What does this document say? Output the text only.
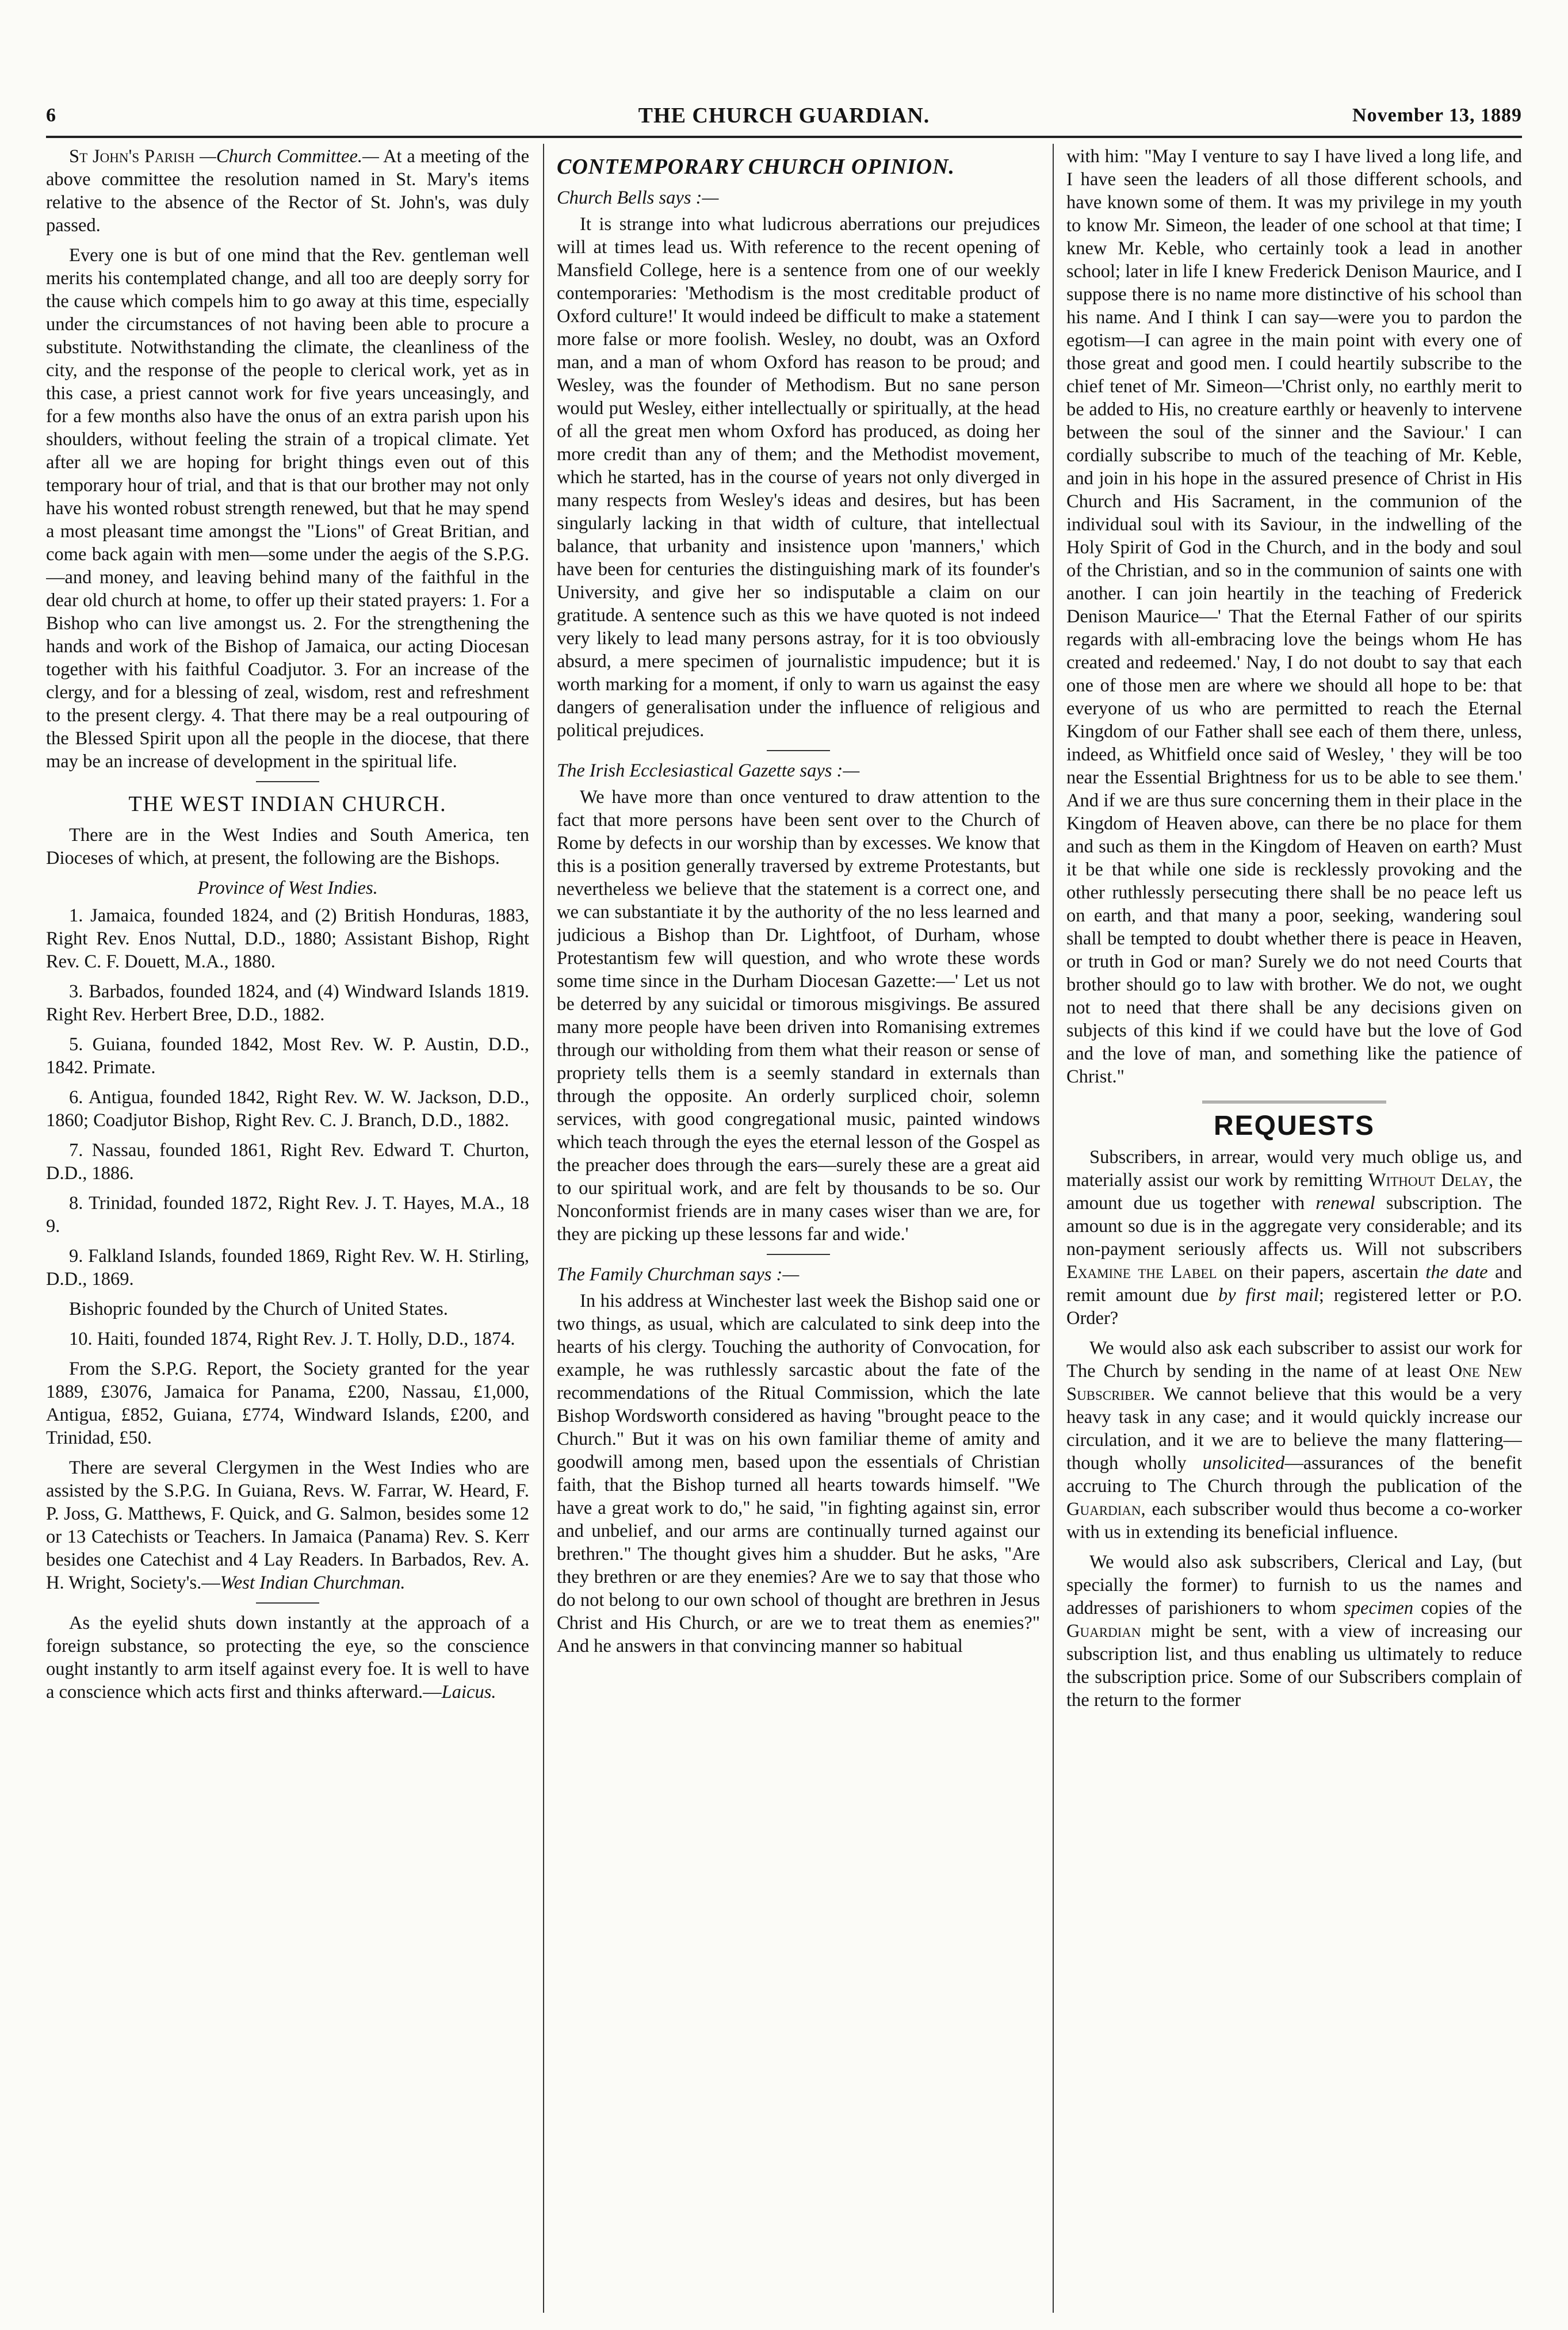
6	THE CHURCH GUARDIAN.	November 13, 1889

St John's Parish —Church Committee.— At a meeting of the above committee the resolution named in St. Mary's items relative to the absence of the Rector of St. John's, was duly passed.

Every one is but of one mind that the Rev. gentleman well merits his contemplated change, and all too are deeply sorry for the cause which compels him to go away at this time, especially under the circumstances of not having been able to procure a substitute. Notwithstanding the climate, the cleanliness of the city, and the response of the people to clerical work, yet as in this case, a priest cannot work for five years unceasingly, and for a few months also have the onus of an extra parish upon his shoulders, without feeling the strain of a tropical climate. Yet after all we are hoping for bright things even out of this temporary hour of trial, and that is that our brother may not only have his wonted robust strength renewed, but that he may spend a most pleasant time amongst the "Lions" of Great Britian, and come back again with men—some under the aegis of the S.P.G.—and money, and leaving behind many of the faithful in the dear old church at home, to offer up their stated prayers: 1. For a Bishop who can live amongst us. 2. For the strengthening the hands and work of the Bishop of Jamaica, our acting Diocesan together with his faithful Coadjutor. 3. For an increase of the clergy, and for a blessing of zeal, wisdom, rest and refreshment to the present clergy. 4. That there may be a real outpouring of the Blessed Spirit upon all the people in the diocese, that there may be an increase of development in the spiritual life.

THE WEST INDIAN CHURCH.

There are in the West Indies and South America, ten Dioceses of which, at present, the following are the Bishops.

Province of West Indies.

1. Jamaica, founded 1824, and (2) British Honduras, 1883, Right Rev. Enos Nuttal, D.D., 1880; Assistant Bishop, Right Rev. C. F. Douett, M.A., 1880.

3. Barbados, founded 1824, and (4) Windward Islands 1819. Right Rev. Herbert Bree, D.D., 1882.

5. Guiana, founded 1842, Most Rev. W. P. Austin, D.D., 1842. Primate.

6. Antigua, founded 1842, Right Rev. W. W. Jackson, D.D., 1860; Coadjutor Bishop, Right Rev. C. J. Branch, D.D., 1882.

7. Nassau, founded 1861, Right Rev. Edward T. Churton, D.D., 1886.

8. Trinidad, founded 1872, Right Rev. J. T. Hayes, M.A., 18 9.

9. Falkland Islands, founded 1869, Right Rev. W. H. Stirling, D.D., 1869.

Bishopric founded by the Church of United States.

10. Haiti, founded 1874, Right Rev. J. T. Holly, D.D., 1874.

From the S.P.G. Report, the Society granted for the year 1889, £3076, Jamaica for Panama, £200, Nassau, £1,000, Antigua, £852, Guiana, £774, Windward Islands, £200, and Trinidad, £50.

There are several Clergymen in the West Indies who are assisted by the S.P.G. In Guiana, Revs. W. Farrar, W. Heard, F. P. Joss, G. Matthews, F. Quick, and G. Salmon, besides some 12 or 13 Catechists or Teachers. In Jamaica (Panama) Rev. S. Kerr besides one Catechist and 4 Lay Readers. In Barbados, Rev. A. H. Wright, Society's.—West Indian Churchman.

As the eyelid shuts down instantly at the approach of a foreign substance, so protecting the eye, so the conscience ought instantly to arm itself against every foe. It is well to have a conscience which acts first and thinks afterward.—Laicus.

CONTEMPORARY CHURCH OPINION.

Church Bells says :—

It is strange into what ludicrous aberrations our prejudices will at times lead us. With reference to the recent opening of Mansfield College, here is a sentence from one of our weekly contemporaries: 'Methodism is the most creditable product of Oxford culture!' It would indeed be difficult to make a statement more false or more foolish. Wesley, no doubt, was an Oxford man, and a man of whom Oxford has reason to be proud; and Wesley, was the founder of Methodism. But no sane person would put Wesley, either intellectually or spiritually, at the head of all the great men whom Oxford has produced, as doing her more credit than any of them; and the Methodist movement, which he started, has in the course of years not only diverged in many respects from Wesley's ideas and desires, but has been singularly lacking in that width of culture, that intellectual balance, that urbanity and insistence upon 'manners,' which have been for centuries the distinguishing mark of its founder's University, and give her so indisputable a claim on our gratitude. A sentence such as this we have quoted is not indeed very likely to lead many persons astray, for it is too obviously absurd, a mere specimen of journalistic impudence; but it is worth marking for a moment, if only to warn us against the easy dangers of generalisation under the influence of religious and political prejudices.

The Irish Ecclesiastical Gazette says :—

We have more than once ventured to draw attention to the fact that more persons have been sent over to the Church of Rome by defects in our worship than by excesses. We know that this is a position generally traversed by extreme Protestants, but nevertheless we believe that the statement is a correct one, and we can substantiate it by the authority of the no less learned and judicious a Bishop than Dr. Lightfoot, of Durham, whose Protestantism few will question, and who wrote these words some time since in the Durham Diocesan Gazette:—' Let us not be deterred by any suicidal or timorous misgivings. Be assured many more people have been driven into Romanising extremes through our witholding from them what their reason or sense of propriety tells them is a seemly standard in externals than through the opposite. An orderly surpliced choir, solemn services, with good congregational music, painted windows which teach through the eyes the eternal lesson of the Gospel as the preacher does through the ears—surely these are a great aid to our spiritual work, and are felt by thousands to be so. Our Nonconformist friends are in many cases wiser than we are, for they are picking up these lessons far and wide.'

The Family Churchman says :—

In his address at Winchester last week the Bishop said one or two things, as usual, which are calculated to sink deep into the hearts of his clergy. Touching the authority of Convocation, for example, he was ruthlessly sarcastic about the fate of the recommendations of the Ritual Commission, which the late Bishop Wordsworth considered as having "brought peace to the Church." But it was on his own familiar theme of amity and goodwill among men, based upon the essentials of Christian faith, that the Bishop turned all hearts towards himself. "We have a great work to do," he said, "in fighting against sin, error and unbelief, and our arms are continually turned against our brethren." The thought gives him a shudder. But he asks, "Are they brethren or are they enemies? Are we to say that those who do not belong to our own school of thought are brethren in Jesus Christ and His Church, or are we to treat them as enemies?" And he answers in that convincing manner so habitual

with him: "May I venture to say I have lived a long life, and I have seen the leaders of all those different schools, and have known some of them. It was my privilege in my youth to know Mr. Simeon, the leader of one school at that time; I knew Mr. Keble, who certainly took a lead in another school; later in life I knew Frederick Denison Maurice, and I suppose there is no name more distinctive of his school than his name. And I think I can say—were you to pardon the egotism—I can agree in the main point with every one of those great and good men. I could heartily subscribe to the chief tenet of Mr. Simeon—'Christ only, no earthly merit to be added to His, no creature earthly or heavenly to intervene between the soul of the sinner and the Saviour.' I can cordially subscribe to much of the teaching of Mr. Keble, and join in his hope in the assured presence of Christ in His Church and His Sacrament, in the communion of the individual soul with its Saviour, in the indwelling of the Holy Spirit of God in the Church, and in the body and soul of the Christian, and so in the communion of saints one with another. I can join heartily in the teaching of Frederick Denison Maurice—' That the Eternal Father of our spirits regards with all-embracing love the beings whom He has created and redeemed.' Nay, I do not doubt to say that each one of those men are where we should all hope to be: that everyone of us who are permitted to reach the Eternal Kingdom of our Father shall see each of them there, unless, indeed, as Whitfield once said of Wesley, ' they will be too near the Essential Brightness for us to be able to see them.' And if we are thus sure concerning them in their place in the Kingdom of Heaven above, can there be no place for them and such as them in the Kingdom of Heaven on earth? Must it be that while one side is recklessly provoking and the other ruthlessly persecuting there shall be no peace left us on earth, and that many a poor, seeking, wandering soul shall be tempted to doubt whether there is peace in Heaven, or truth in God or man? Surely we do not need Courts that brother should go to law with brother. We do not, we ought not to need that there shall be any decisions given on subjects of this kind if we could have but the love of God and the love of man, and something like the patience of Christ."

REQUESTS

Subscribers, in arrear, would very much oblige us, and materially assist our work by remitting Without Delay, the amount due us together with renewal subscription. The amount so due is in the aggregate very considerable; and its non-payment seriously affects us. Will not subscribers Examine the Label on their papers, ascertain the date and remit amount due by first mail; registered letter or P.O. Order?

We would also ask each subscriber to assist our work for The Church by sending in the name of at least One New Subscriber. We cannot believe that this would be a very heavy task in any case; and it would quickly increase our circulation, and it we are to believe the many flattering—though wholly unsolicited—assurances of the benefit accruing to The Church through the publication of the Guardian, each subscriber would thus become a co-worker with us in extending its beneficial influence.

We would also ask subscribers, Clerical and Lay, (but specially the former) to furnish to us the names and addresses of parishioners to whom specimen copies of the Guardian might be sent, with a view of increasing our subscription list, and thus enabling us ultimately to reduce the subscription price. Some of our Subscribers complain of the return to the former
